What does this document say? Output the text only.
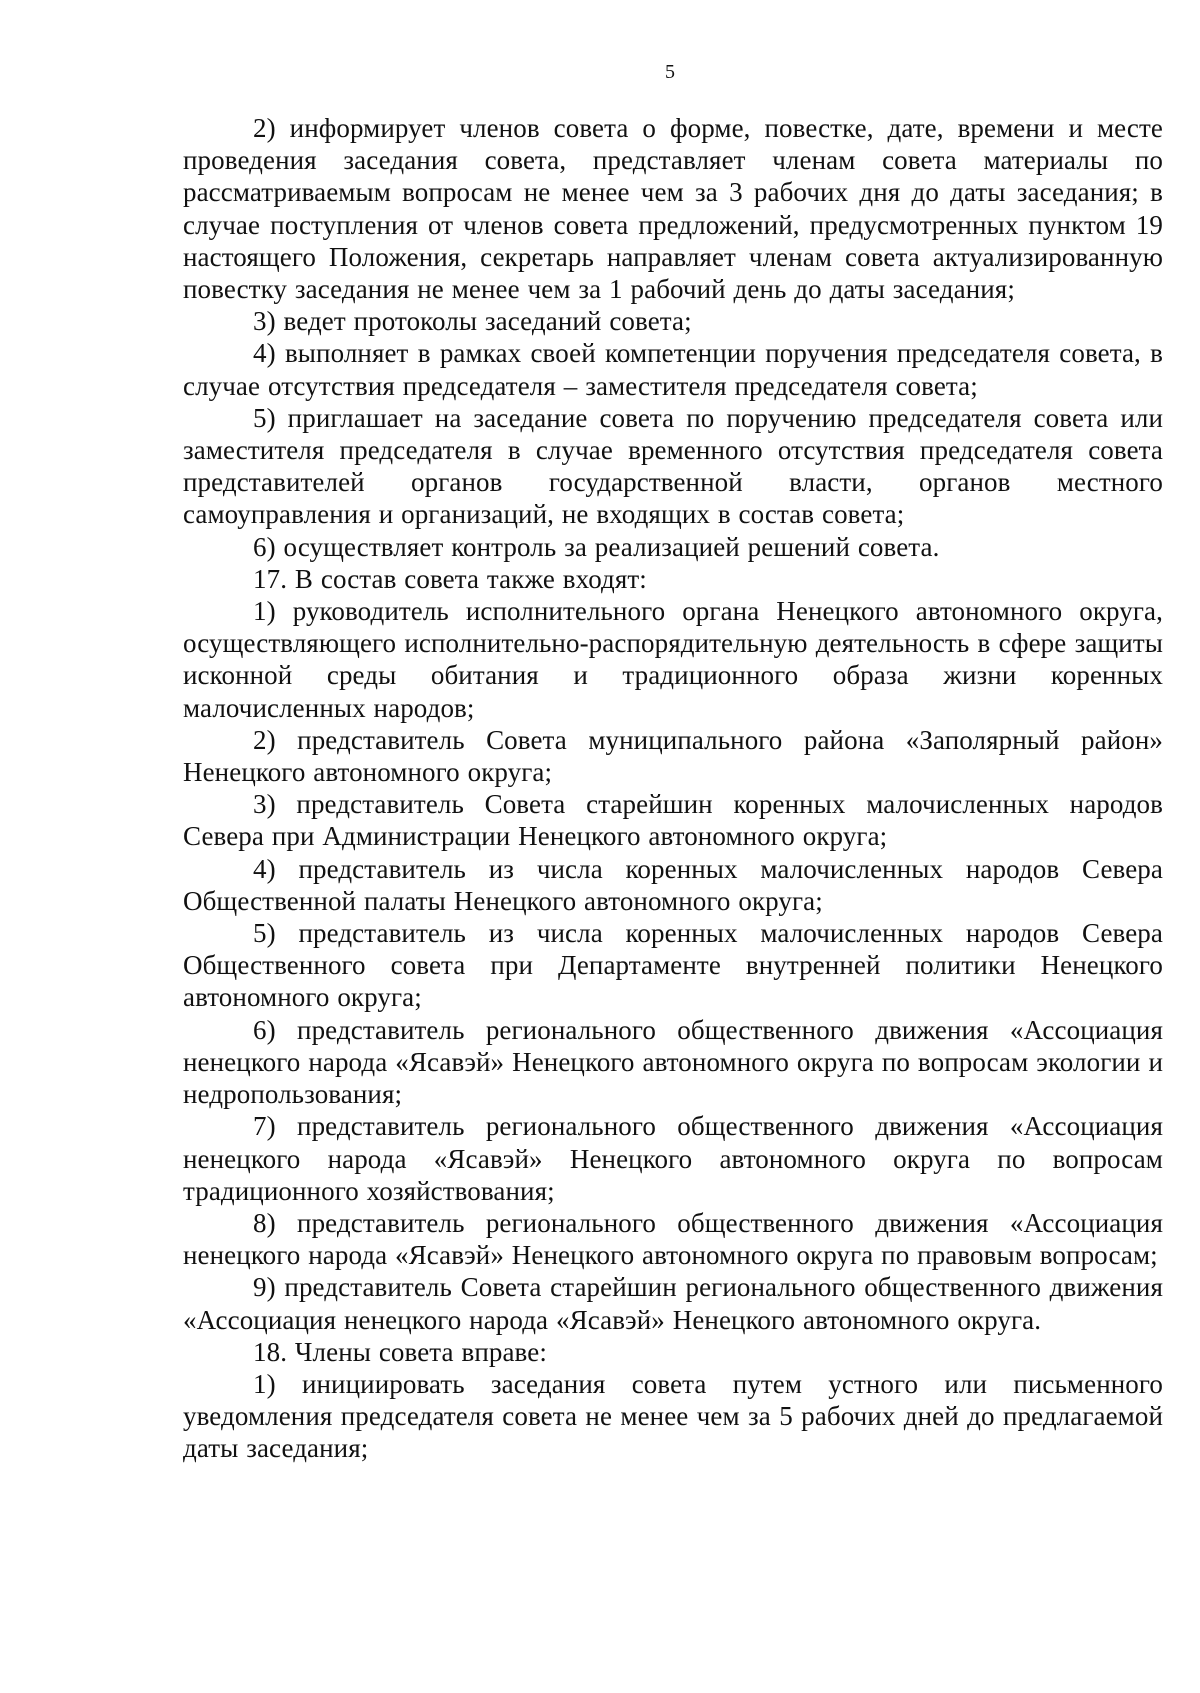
5

2) информирует членов совета о форме, повестке, дате, времени и месте проведения заседания совета, представляет членам совета материалы по рассматриваемым вопросам не менее чем за 3 рабочих дня до даты заседания; в случае поступления от членов совета предложений, предусмотренных пунктом 19 настоящего Положения, секретарь направляет членам совета актуализированную повестку заседания не менее чем за 1 рабочий день до даты заседания;

3) ведет протоколы заседаний совета;

4) выполняет в рамках своей компетенции поручения председателя совета, в случае отсутствия председателя – заместителя председателя совета;

5) приглашает на заседание совета по поручению председателя совета или заместителя председателя в случае временного отсутствия председателя совета представителей органов государственной власти, органов местного самоуправления и организаций, не входящих в состав совета;

6) осуществляет контроль за реализацией решений совета.

17. В состав совета также входят:

1) руководитель исполнительного органа Ненецкого автономного округа, осуществляющего исполнительно-распорядительную деятельность в сфере защиты исконной среды обитания и традиционного образа жизни коренных малочисленных народов;

2) представитель Совета муниципального района «Заполярный район» Ненецкого автономного округа;

3) представитель Совета старейшин коренных малочисленных народов Севера при Администрации Ненецкого автономного округа;

4) представитель из числа коренных малочисленных народов Севера Общественной палаты Ненецкого автономного округа;

5) представитель из числа коренных малочисленных народов Севера Общественного совета при Департаменте внутренней политики Ненецкого автономного округа;

6) представитель регионального общественного движения «Ассоциация ненецкого народа «Ясавэй» Ненецкого автономного округа по вопросам экологии и недропользования;

7) представитель регионального общественного движения «Ассоциация ненецкого народа «Ясавэй» Ненецкого автономного округа по вопросам традиционного хозяйствования;

8) представитель регионального общественного движения «Ассоциация ненецкого народа «Ясавэй» Ненецкого автономного округа по правовым вопросам;

9) представитель Совета старейшин регионального общественного движения «Ассоциация ненецкого народа «Ясавэй» Ненецкого автономного округа.

18. Члены совета вправе:

1) инициировать заседания совета путем устного или письменного уведомления председателя совета не менее чем за 5 рабочих дней до предлагаемой даты заседания;
